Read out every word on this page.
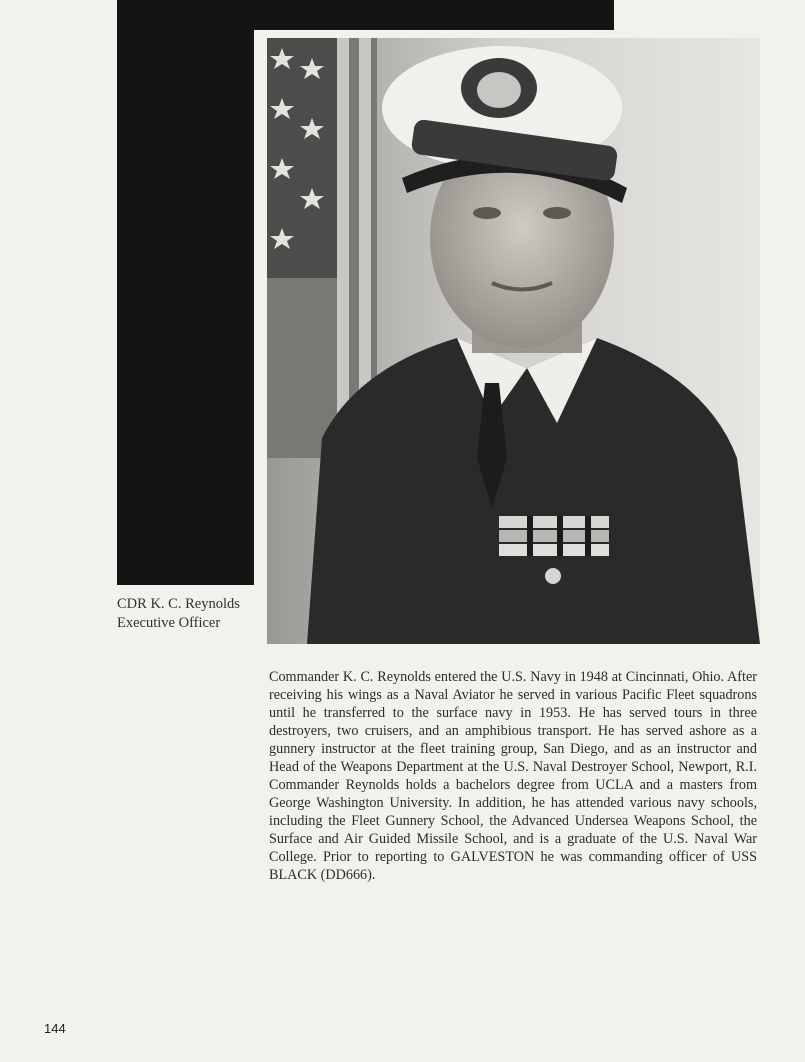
CDR K. C. Reynolds
Executive Officer

Commander K. C. Reynolds entered the U.S. Navy in 1948 at Cincinnati, Ohio. After receiving his wings as a Naval Aviator he served in various Pacific Fleet squadrons until he transferred to the surface navy in 1953. He has served tours in three destroyers, two cruisers, and an amphibious transport. He has served ashore as a gunnery instructor at the fleet training group, San Diego, and as an instructor and Head of the Weapons Department at the U.S. Naval Destroyer School, Newport, R.I. Commander Reynolds holds a bachelors degree from UCLA and a masters from George Washington University. In addition, he has attended various navy schools, including the Fleet Gunnery School, the Advanced Undersea Weapons School, the Surface and Air Guided Missile School, and is a graduate of the U.S. Naval War College. Prior to reporting to GALVESTON he was commanding officer of USS BLACK (DD666).

144
